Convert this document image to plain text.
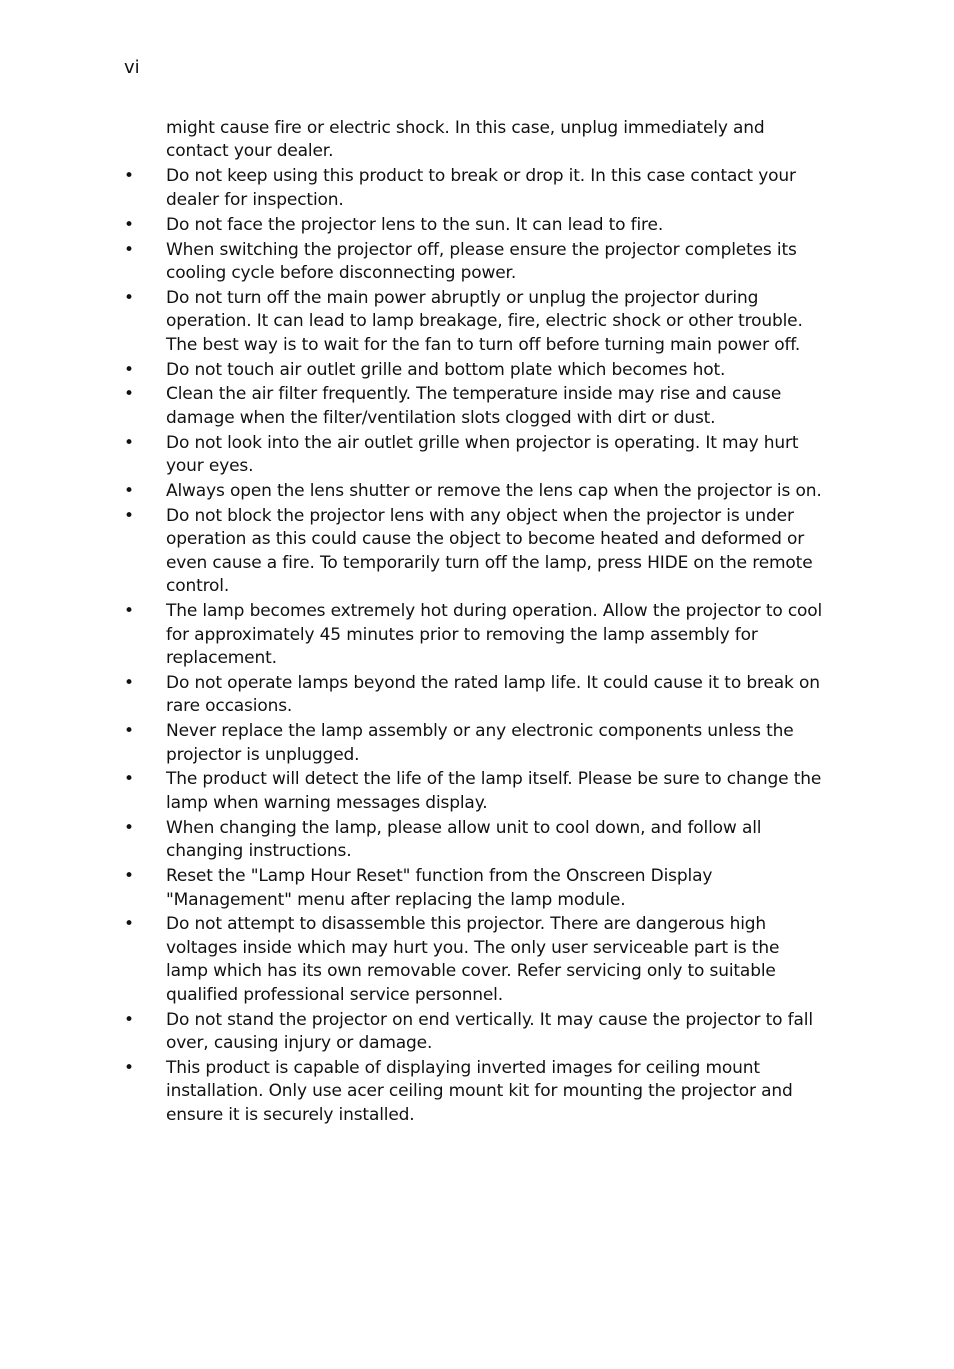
vi

might cause fire or electric shock. In this case, unplug immediately and contact your dealer.

• Do not keep using this product to break or drop it. In this case contact your dealer for inspection.
• Do not face the projector lens to the sun. It can lead to fire.
• When switching the projector off, please ensure the projector completes its cooling cycle before disconnecting power.
• Do not turn off the main power abruptly or unplug the projector during operation. It can lead to lamp breakage, fire, electric shock or other trouble. The best way is to wait for the fan to turn off before turning main power off.
• Do not touch air outlet grille and bottom plate which becomes hot.
• Clean the air filter frequently. The temperature inside may rise and cause damage when the filter/ventilation slots clogged with dirt or dust.
• Do not look into the air outlet grille when projector is operating. It may hurt your eyes.
• Always open the lens shutter or remove the lens cap when the projector is on.
• Do not block the projector lens with any object when the projector is under operation as this could cause the object to become heated and deformed or even cause a fire. To temporarily turn off the lamp, press HIDE on the remote control.
• The lamp becomes extremely hot during operation. Allow the projector to cool for approximately 45 minutes prior to removing the lamp assembly for replacement.
• Do not operate lamps beyond the rated lamp life. It could cause it to break on rare occasions.
• Never replace the lamp assembly or any electronic components unless the projector is unplugged.
• The product will detect the life of the lamp itself. Please be sure to change the lamp when warning messages display.
• When changing the lamp, please allow unit to cool down, and follow all changing instructions.
• Reset the "Lamp Hour Reset" function from the Onscreen Display "Management" menu after replacing the lamp module.
• Do not attempt to disassemble this projector. There are dangerous high voltages inside which may hurt you. The only user serviceable part is the lamp which has its own removable cover. Refer servicing only to suitable qualified professional service personnel.
• Do not stand the projector on end vertically. It may cause the projector to fall over, causing injury or damage.
• This product is capable of displaying inverted images for ceiling mount installation. Only use acer ceiling mount kit for mounting the projector and ensure it is securely installed.
